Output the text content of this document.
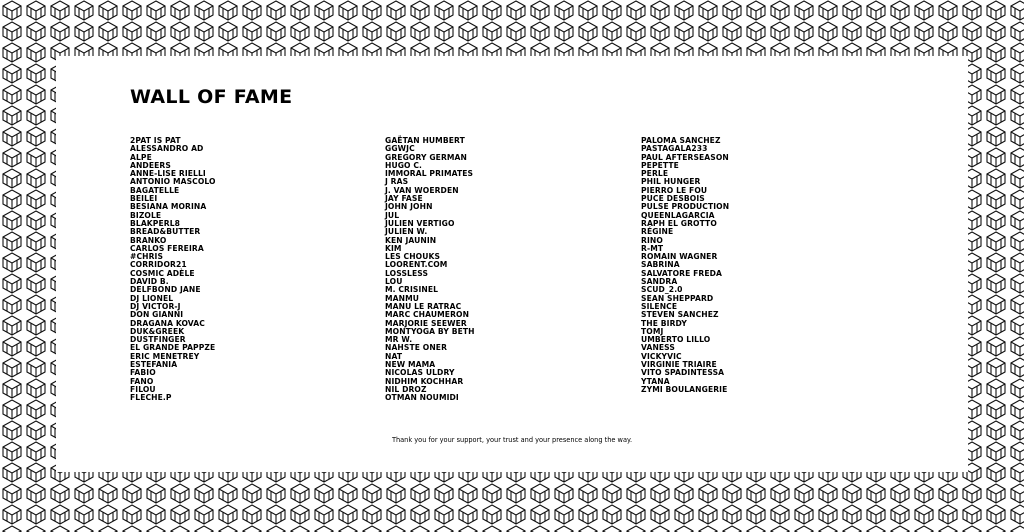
WALL OF FAME
2PAT IS PAT
ALESSANDRO AD
ALPE
ANDEERS
ANNE-LISE RIELLI
ANTONIO MASCOLO
BAGATELLE
BEILEI
BESIANA MORINA
BIZOLE
BLAKPERL8
BREAD&BUTTER
BRANKO
CARLOS FEREIRA
#CHRIS
CORRIDOR21
COSMIC ADÈLE
DAVID B.
DELFBOND JANE
DJ LIONEL
DJ VICTOR-J
DON GIANNI
DRAGANA KOVAC
DUK&GREEK
DUSTFINGER
EL GRANDE PAPPZE
ERIC MENETREY
ESTEFANIA
FABIO
FANO
FILOU
FLECHE.P
GAËTAN HUMBERT
GGWJC
GREGORY GERMAN
HUGO C.
IMMORAL PRIMATES
J RAS
J. VAN WOERDEN
JAY FASE
JOHN JOHN
JUL
JULIEN VERTIGO
JULIEN W.
KEN JAUNIN
KIM
LES CHOUKS
LOORENT.COM
LOSSLESS
LOU
M. CRISINEL
MANMU
MANU LE RATRAC
MARC CHAUMERON
MARJORIE SEEWER
MONTYOGA BY BETH
MR W.
NAHSTE ONER
NAT
NEW MAMA
NICOLAS ULDRY
NIDHIM KOCHHAR
NIL DROZ
OTMAN NOUMIDI
PALOMA SANCHEZ
PASTAGALA233
PAUL AFTERSEASON
PEPETTE
PERLE
PHIL HUNGER
PIERRO LE FOU
PUCE DESBOIS
PULSE PRODUCTION
QUEENLAGARCIA
RAPH EL GROTTO
RÉGINE
RINO
R-MT
ROMAIN WAGNER
SABRINA
SALVATORE FREDA
SANDRA
SCUD_2.0
SEAN SHEPPARD
SILENCE
STEVEN SANCHEZ
THE BIRDY
TOMJ
UMBERTO LILLO
VANESS
VICKYVIC
VIRGINIE TRIAIRE
VITO SPADINTESSA
YTANA
ZYMI BOULANGERIE

Thank you for your support, your trust and your presence along the way.
